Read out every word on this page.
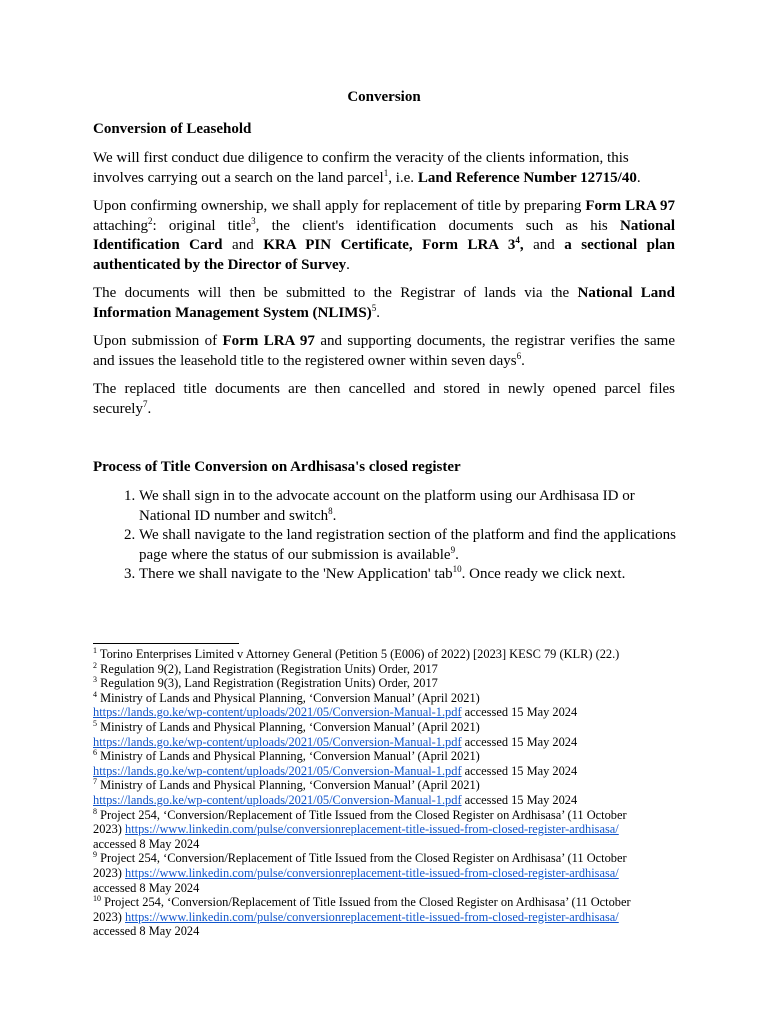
Conversion
Conversion of Leasehold

We will first conduct due diligence to confirm the veracity of the clients information, this involves carrying out a search on the land parcel$^1$, i.e. Land Reference Number 12715/40.

Upon confirming ownership, we shall apply for replacement of title by preparing Form LRA 97 attaching$^2$: original title$^3$, the client's identification documents such as his National Identification Card and KRA PIN Certificate, Form LRA $3^4$, and a sectional plan authenticated by the Director of Survey.

The documents will then be submitted to the Registrar of lands via the National Land Information Management System (NLIMS)$^5$.

Upon submission of Form LRA 97 and supporting documents, the registrar verifies the same and issues the leasehold title to the registered owner within seven days$^6$.

The replaced title documents are then cancelled and stored in newly opened parcel files securely$^7$.

Process of Title Conversion on Ardhisasa's closed register
1. We shall sign in to the advocate account on the platform using our Ardhisasa ID or National ID number and switch$^8$.
2. We shall navigate to the land registration section of the platform and find the applications page where the status of our submission is available$^9$.
3. There we shall navigate to the 'New Application' tab$^{10}$. Once ready we click next.
$^1$ Torino Enterprises Limited v Attorney General (Petition 5 (E006) of 2022) [2023] KESC 79 (KLR) (22.)
$^2$ Regulation 9(2), Land Registration (Registration Units) Order, 2017
$^3$ Regulation 9(3), Land Registration (Registration Units) Order, 2017
$^4$ Ministry of Lands and Physical Planning, ‘Conversion Manual’ (April 2021)
https://lands.go.ke/wp-content/uploads/2021/05/Conversion-Manual-1.pdf accessed 15 May 2024
$^5$ Ministry of Lands and Physical Planning, ‘Conversion Manual’ (April 2021)
https://lands.go.ke/wp-content/uploads/2021/05/Conversion-Manual-1.pdf accessed 15 May 2024
$^6$ Ministry of Lands and Physical Planning, ‘Conversion Manual’ (April 2021)
https://lands.go.ke/wp-content/uploads/2021/05/Conversion-Manual-1.pdf accessed 15 May 2024
$^7$ Ministry of Lands and Physical Planning, ‘Conversion Manual’ (April 2021)
https://lands.go.ke/wp-content/uploads/2021/05/Conversion-Manual-1.pdf accessed 15 May 2024
$^8$ Project 254, ‘Conversion/Replacement of Title Issued from the Closed Register on Ardhisasa’ (11 October
2023) https://www.linkedin.com/pulse/conversionreplacement-title-issued-from-closed-register-ardhisasa/
accessed 8 May 2024
$^9$ Project 254, ‘Conversion/Replacement of Title Issued from the Closed Register on Ardhisasa’ (11 October
2023) https://www.linkedin.com/pulse/conversionreplacement-title-issued-from-closed-register-ardhisasa/
accessed 8 May 2024
$^{10}$ Project 254, ‘Conversion/Replacement of Title Issued from the Closed Register on Ardhisasa’ (11 October
2023) https://www.linkedin.com/pulse/conversionreplacement-title-issued-from-closed-register-ardhisasa/
accessed 8 May 2024
